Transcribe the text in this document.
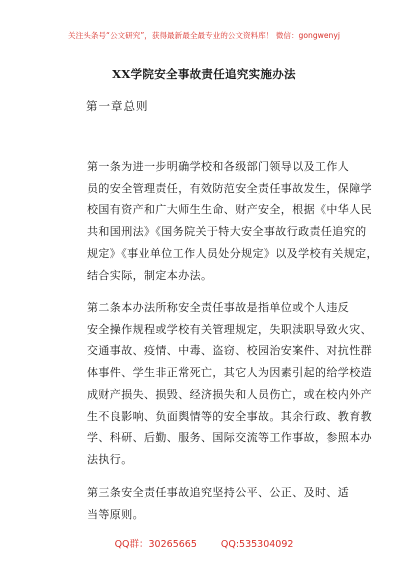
关注头条号“公文研究”，获得最新最全最专业的公文资料库！ 微信：gongwenyj
XX学院安全事故责任追究实施办法
第一章总则

第一条为进一步明确学校和各级部门领导以及工作人
员的安全管理责任，有效防范安全责任事故发生，保障学
校国有资产和广大师生生命、财产安全，根据《中华人民
共和国刑法》《国务院关于特大安全事故行政责任追究的
规定》《事业单位工作人员处分规定》以及学校有关规定，
结合实际，制定本办法。

第二条本办法所称安全责任事故是指单位或个人违反
安全操作规程或学校有关管理规定，失职渎职导致火灾、
交通事故、疫情、中毒、盗窃、校园治安案件、对抗性群
体事件、学生非正常死亡，其它人为因素引起的给学校造
成财产损失、损毁、经济损失和人员伤亡，或在校内外产
生不良影响、负面舆情等的安全事故。其余行政、教育教
学、科研、后勤、服务、国际交流等工作事故，参照本办
法执行。

第三条安全责任事故追究坚持公平、公正、及时、适
当等原则。

QQ群：30265665	QQ:535304092
